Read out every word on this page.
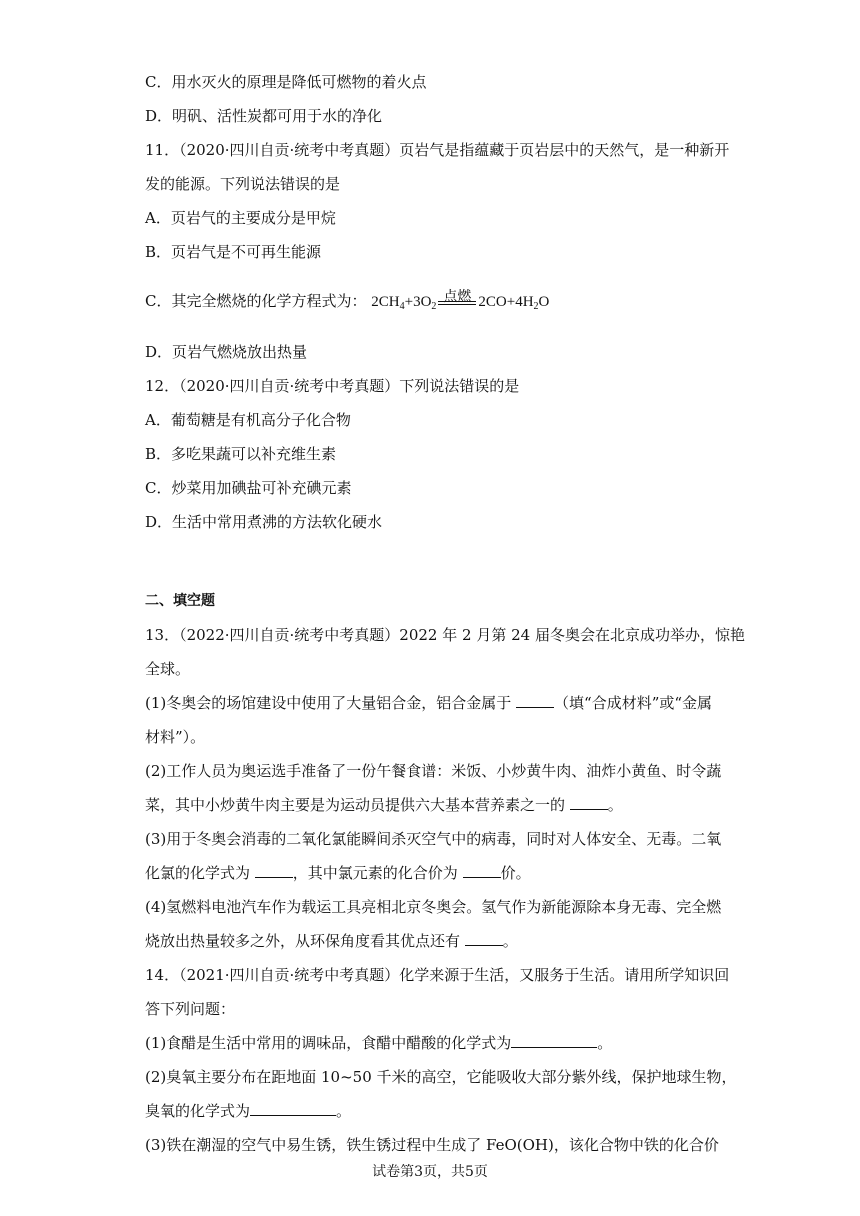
C．用水灭火的原理是降低可燃物的着火点
D．明矾、活性炭都可用于水的净化
11．（2020·四川自贡·统考中考真题）页岩气是指蕴藏于页岩层中的天然气，是一种新开
发的能源。下列说法错误的是
A．页岩气的主要成分是甲烷
B．页岩气是不可再生能源
C．其完全燃烧的化学方程式为： $2CH_4+3O_2$
点燃 $2CO+4H_2O$
D．页岩气燃烧放出热量
12．（2020·四川自贡·统考中考真题）下列说法错误的是
A．葡萄糖是有机高分子化合物
B．多吃果蔬可以补充维生素
C．炒菜用加碘盐可补充碘元素
D．生活中常用煮沸的方法软化硬水
二、填空题
13．（2022·四川自贡·统考中考真题）2022 年 2 月第 24 届冬奥会在北京成功举办，惊艳
全球。
(1)冬奥会的场馆建设中使用了大量铝合金，铝合金属于	（填“合成材料”或“金属
材料”）。
(2)工作人员为奥运选手准备了一份午餐食谱：米饭、小炒黄牛肉、油炸小黄鱼、时令蔬
菜，其中小炒黄牛肉主要是为运动员提供六大基本营养素之一的	。
(3)用于冬奥会消毒的二氧化氯能瞬间杀灭空气中的病毒，同时对人体安全、无毒。二氧
化氯的化学式为	，其中氯元素的化合价为	价。
(4)氢燃料电池汽车作为载运工具亮相北京冬奥会。氢气作为新能源除本身无毒、完全燃
烧放出热量较多之外，从环保角度看其优点还有	。
14．（2021·四川自贡·统考中考真题）化学来源于生活，又服务于生活。请用所学知识回
答下列问题：
(1)食醋是生活中常用的调味品，食醋中醋酸的化学式为	。
(2)臭氧主要分布在距地面 10~50 千米的高空，它能吸收大部分紫外线，保护地球生物，
臭氧的化学式为	。
(3)铁在潮湿的空气中易生锈，铁生锈过程中生成了 FeO(OH)，该化合物中铁的化合价
试卷第3页，共5页
